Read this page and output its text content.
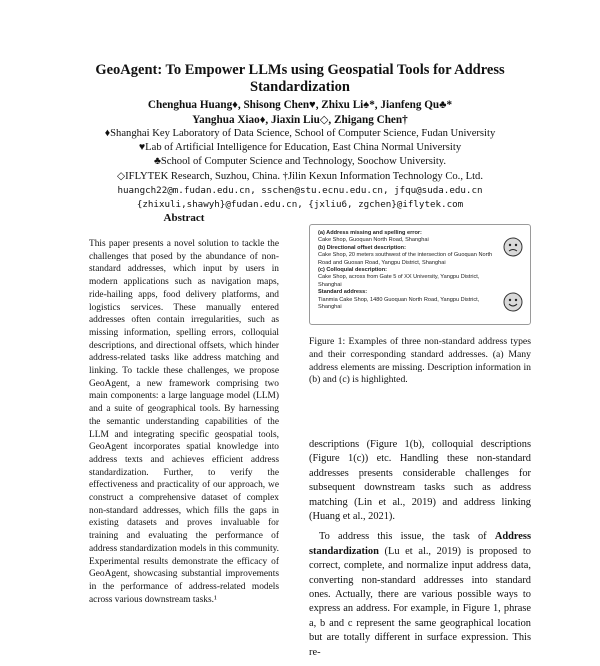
GeoAgent: To Empower LLMs using Geospatial Tools for Address Standardization
Chenghua Huang♦, Shisong Chen♥, Zhixu Li♠*, Jianfeng Qu♣*
Yanghua Xiao♦, Jiaxin Liu◇, Zhigang Chen†
♦Shanghai Key Laboratory of Data Science, School of Computer Science, Fudan University
♥Lab of Artificial Intelligence for Education, East China Normal University
♣School of Computer Science and Technology, Soochow University.
◇IFLYTEK Research, Suzhou, China. †Jilin Kexun Information Technology Co., Ltd.
huangch22@m.fudan.edu.cn, sschen@stu.ecnu.edu.cn, jfqu@suda.edu.cn
{zhixuli,shawyh}@fudan.edu.cn, {jxliu6, zgchen}@iflytek.com
Abstract
This paper presents a novel solution to tackle the challenges that posed by the abundance of non-standard addresses, which input by users in modern applications such as navigation maps, ride-hailing apps, food delivery platforms, and logistics services. These manually entered addresses often contain irregularities, such as missing information, spelling errors, colloquial descriptions, and directional offsets, which hinder address-related tasks like address matching and linking. To tackle these challenges, we propose GeoAgent, a new framework comprising two main components: a large language model (LLM) and a suite of geographical tools. By harnessing the semantic understanding capabilities of the LLM and integrating specific geospatial tools, GeoAgent incorporates spatial knowledge into address texts and achieves efficient address standardization. Further, to verify the effectiveness and practicality of our approach, we construct a comprehensive dataset of complex non-standard addresses, which fills the gaps in existing datasets and proves invaluable for training and evaluating the performance of address standardization models in this community. Experimental results demonstrate the efficacy of GeoAgent, showcasing substantial improvements in the performance of address-related models across various downstream tasks.¹
(a) Address missing and spelling error:
Cake Shop, Guoquan North Road, Shanghai
(b) Directional offset description:
Cake Shop, 20 meters southwest of the intersection of Guoquan North Road and Guosan Road, Yangpu District, Shanghai
(c) Colloquial description:
Cake Shop, across from Gate 5 of XX University, Yangpu District, Shanghai
Standard address:
Tianmia Cake Shop, 1480 Guoquan North Road, Yangpu District, Shanghai
Figure 1: Examples of three non-standard address types and their corresponding standard addresses. (a) Many address elements are missing. Description information in (b) and (c) is highlighted.

descriptions (Figure 1(b), colloquial descriptions (Figure 1(c)) etc. Handling these non-standard addresses presents considerable challenges for subsequent downstream tasks such as address matching (Lin et al., 2019) and address linking (Huang et al., 2021).

To address this issue, the task of Address standardization (Lu et al., 2019) is proposed to correct, complete, and normalize input address data, converting non-standard addresses into standard ones. Actually, there are various possible ways to express an address. For example, in Figure 1, phrase a, b and c represent the same geographical location but are totally different in surface expression. This re-
